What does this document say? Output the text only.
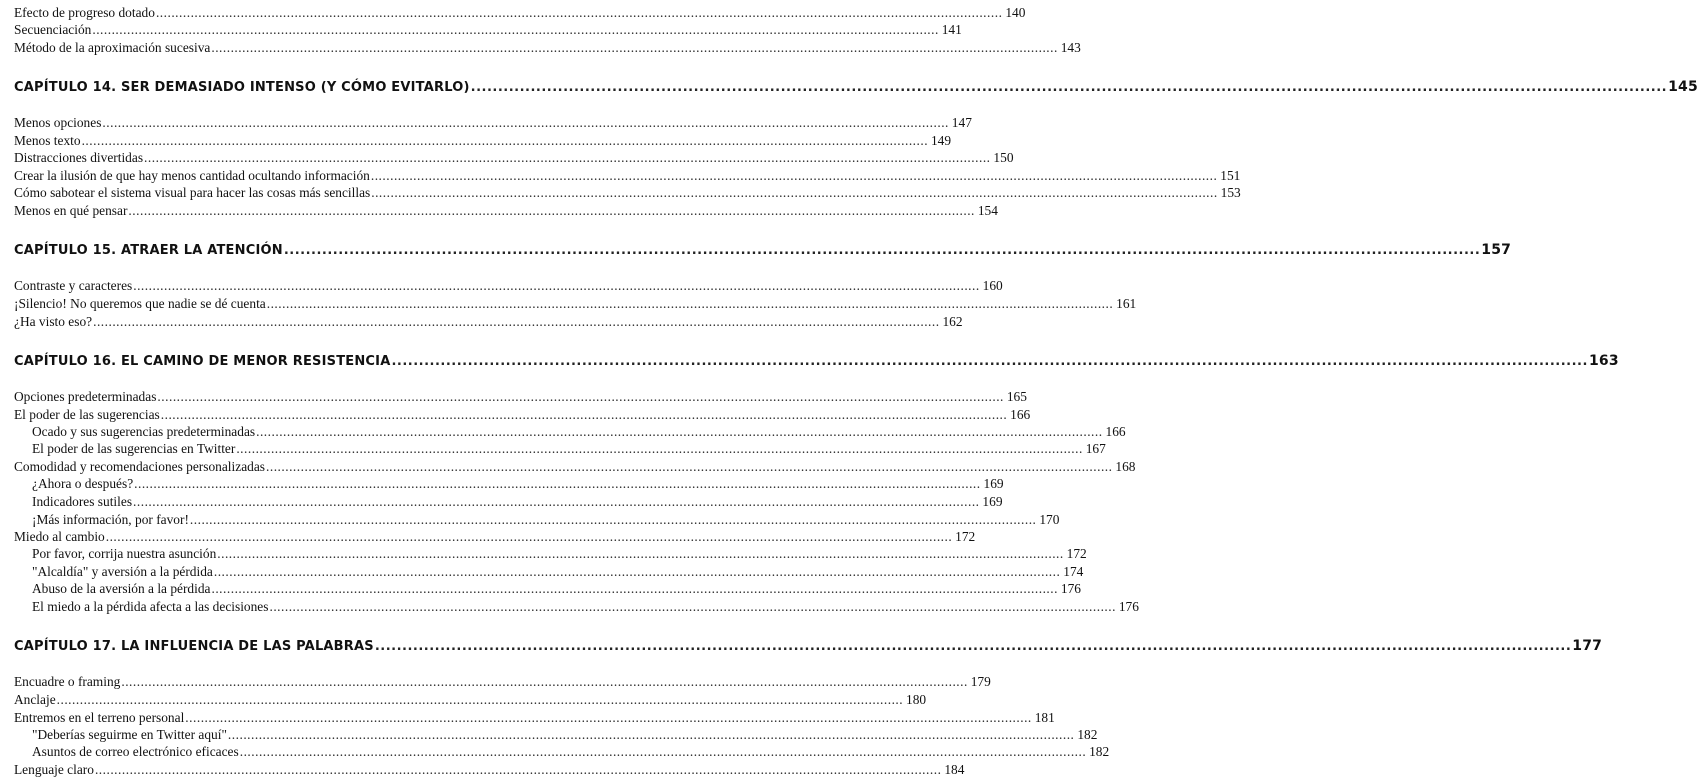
Efecto de progreso dotado ............................................................................................................................................................................................................................ 140
Secuenciación ............................................................................................................................................................................................................................ 141
Método de la aproximación sucesiva ............................................................................................................................................................................................................................ 143
CAPÍTULO 14. SER DEMASIADO INTENSO (Y CÓMO EVITARLO) ............................................................................................................................................................................................................................ 145
Menos opciones ............................................................................................................................................................................................................................ 147
Menos texto ............................................................................................................................................................................................................................ 149
Distracciones divertidas ............................................................................................................................................................................................................................ 150
Crear la ilusión de que hay menos cantidad ocultando información ............................................................................................................................................................................................................................ 151
Cómo sabotear el sistema visual para hacer las cosas más sencillas ............................................................................................................................................................................................................................ 153
Menos en qué pensar ............................................................................................................................................................................................................................ 154
CAPÍTULO 15. ATRAER LA ATENCIÓN ............................................................................................................................................................................................................................ 157
Contraste y caracteres ............................................................................................................................................................................................................................ 160
¡Silencio! No queremos que nadie se dé cuenta ............................................................................................................................................................................................................................ 161
¿Ha visto eso? ............................................................................................................................................................................................................................ 162
CAPÍTULO 16. EL CAMINO DE MENOR RESISTENCIA ............................................................................................................................................................................................................................ 163
Opciones predeterminadas ............................................................................................................................................................................................................................ 165
El poder de las sugerencias ............................................................................................................................................................................................................................ 166
Ocado y sus sugerencias predeterminadas ............................................................................................................................................................................................................................ 166
El poder de las sugerencias en Twitter ............................................................................................................................................................................................................................ 167
Comodidad y recomendaciones personalizadas ............................................................................................................................................................................................................................ 168
¿Ahora o después? ............................................................................................................................................................................................................................ 169
Indicadores sutiles ............................................................................................................................................................................................................................ 169
¡Más información, por favor! ............................................................................................................................................................................................................................ 170
Miedo al cambio ............................................................................................................................................................................................................................ 172
Por favor, corrija nuestra asunción ............................................................................................................................................................................................................................ 172
"Alcaldía" y aversión a la pérdida ............................................................................................................................................................................................................................ 174
Abuso de la aversión a la pérdida ............................................................................................................................................................................................................................ 176
El miedo a la pérdida afecta a las decisiones ............................................................................................................................................................................................................................ 176
CAPÍTULO 17. LA INFLUENCIA DE LAS PALABRAS ............................................................................................................................................................................................................................ 177
Encuadre o framing ............................................................................................................................................................................................................................ 179
Anclaje ............................................................................................................................................................................................................................ 180
Entremos en el terreno personal ............................................................................................................................................................................................................................ 181
"Deberías seguirme en Twitter aquí" ............................................................................................................................................................................................................................ 182
Asuntos de correo electrónico eficaces ............................................................................................................................................................................................................................ 182
Lenguaje claro ............................................................................................................................................................................................................................ 184
